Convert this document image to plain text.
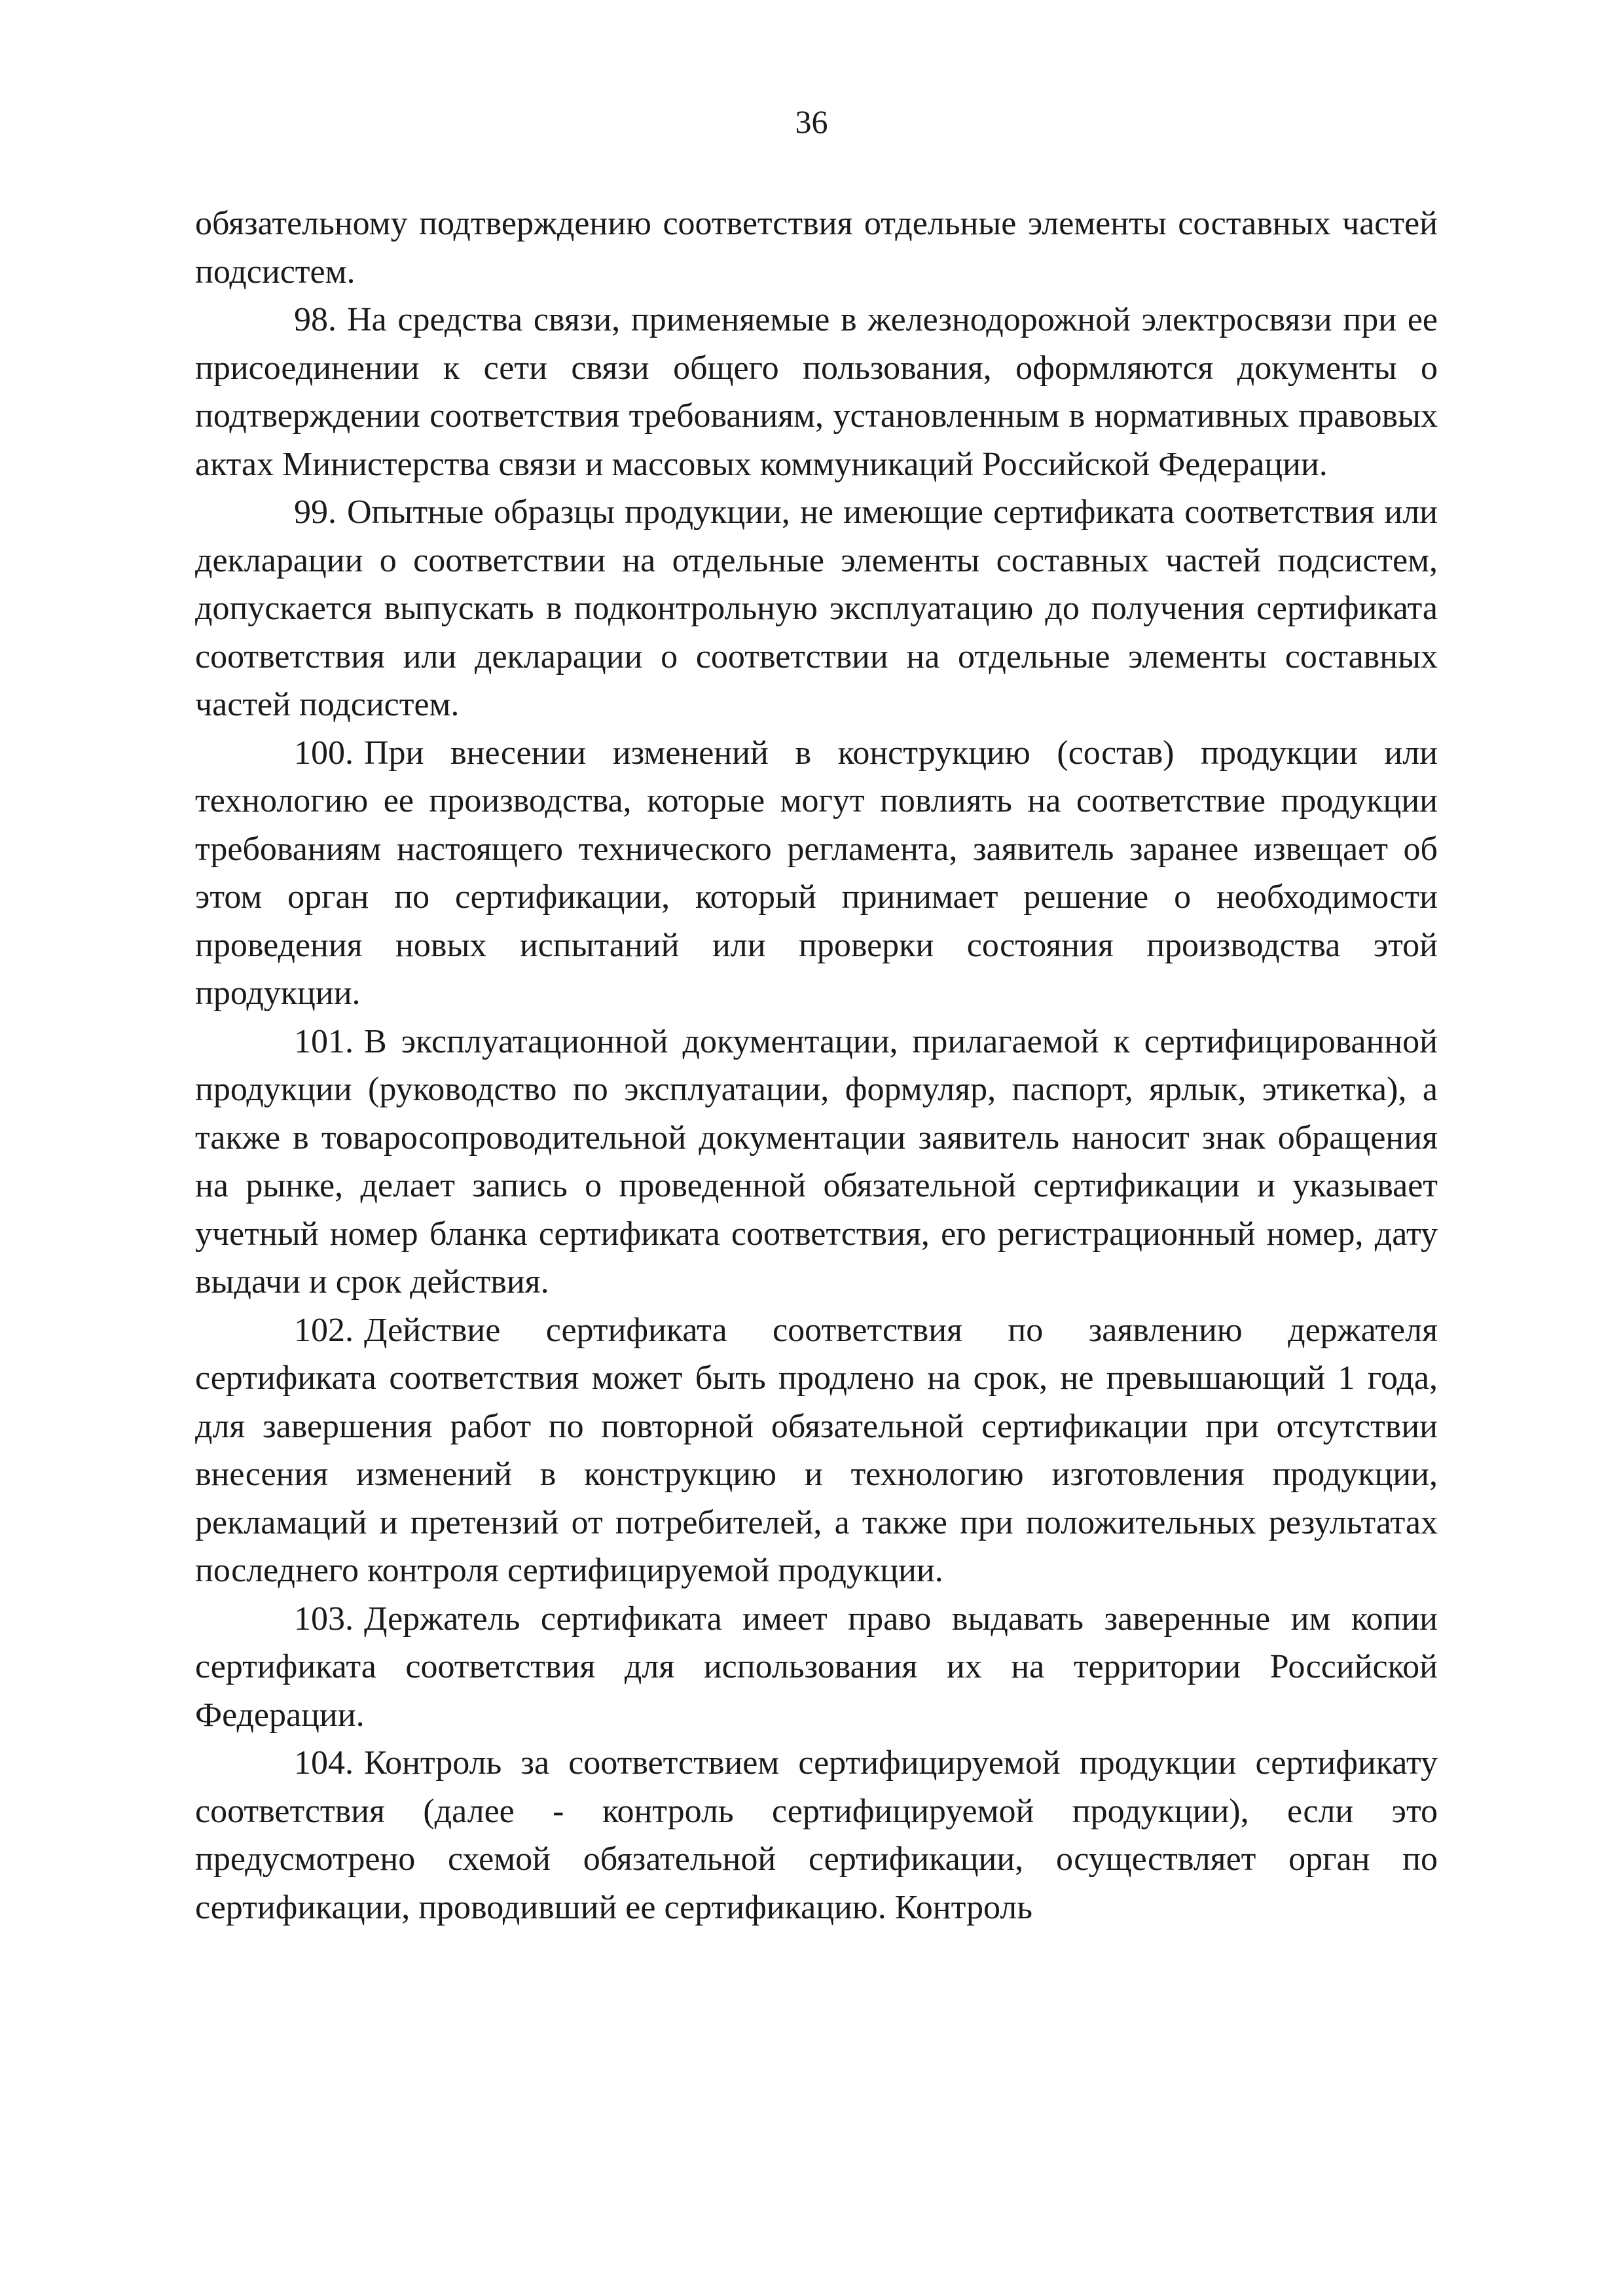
36

обязательному подтверждению соответствия отдельные элементы составных частей подсистем.

98. На средства связи, применяемые в железнодорожной электросвязи при ее присоединении к сети связи общего пользования, оформляются документы о подтверждении соответствия требованиям, установленным в нормативных правовых актах Министерства связи и массовых коммуникаций Российской Федерации.

99. Опытные образцы продукции, не имеющие сертификата соответствия или декларации о соответствии на отдельные элементы составных частей подсистем, допускается выпускать в подконтрольную эксплуатацию до получения сертификата соответствия или декларации о соответствии на отдельные элементы составных частей подсистем.

100. При внесении изменений в конструкцию (состав) продукции или технологию ее производства, которые могут повлиять на соответствие продукции требованиям настоящего технического регламента, заявитель заранее извещает об этом орган по сертификации, который принимает решение о необходимости проведения новых испытаний или проверки состояния производства этой продукции.

101. В эксплуатационной документации, прилагаемой к сертифицированной продукции (руководство по эксплуатации, формуляр, паспорт, ярлык, этикетка), а также в товаросопроводительной документации заявитель наносит знак обращения на рынке, делает запись о проведенной обязательной сертификации и указывает учетный номер бланка сертификата соответствия, его регистрационный номер, дату выдачи и срок действия.

102. Действие сертификата соответствия по заявлению держателя сертификата соответствия может быть продлено на срок, не превышающий 1 года, для завершения работ по повторной обязательной сертификации при отсутствии внесения изменений в конструкцию и технологию изготовления продукции, рекламаций и претензий от потребителей, а также при положительных результатах последнего контроля сертифицируемой продукции.

103. Держатель сертификата имеет право выдавать заверенные им копии сертификата соответствия для использования их на территории Российской Федерации.

104. Контроль за соответствием сертифицируемой продукции сертификату соответствия (далее - контроль сертифицируемой продукции), если это предусмотрено схемой обязательной сертификации, осуществляет орган по сертификации, проводивший ее сертификацию. Контроль
